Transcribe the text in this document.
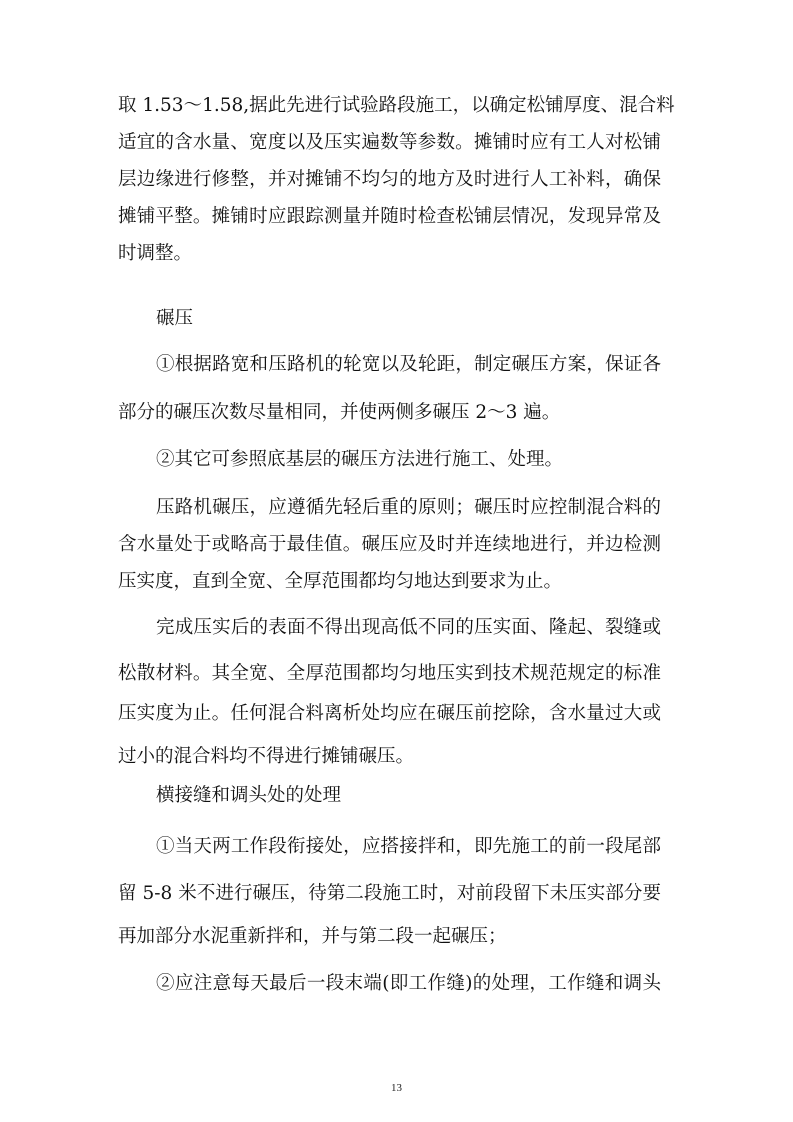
取 1.53～1.58,据此先进行试验路段施工，以确定松铺厚度、混合料
适宜的含水量、宽度以及压实遍数等参数。摊铺时应有工人对松铺
层边缘进行修整，并对摊铺不均匀的地方及时进行人工补料，确保
摊铺平整。摊铺时应跟踪测量并随时检查松铺层情况，发现异常及
时调整。
碾压
①根据路宽和压路机的轮宽以及轮距，制定碾压方案，保证各
部分的碾压次数尽量相同，并使两侧多碾压 2～3 遍。
②其它可参照底基层的碾压方法进行施工、处理。
压路机碾压，应遵循先轻后重的原则；碾压时应控制混合料的
含水量处于或略高于最佳值。碾压应及时并连续地进行，并边检测
压实度，直到全宽、全厚范围都均匀地达到要求为止。
完成压实后的表面不得出现高低不同的压实面、隆起、裂缝或
松散材料。其全宽、全厚范围都均匀地压实到技术规范规定的标准
压实度为止。任何混合料离析处均应在碾压前挖除，含水量过大或
过小的混合料均不得进行摊铺碾压。
横接缝和调头处的处理
①当天两工作段衔接处，应搭接拌和，即先施工的前一段尾部
留 5-8 米不进行碾压，待第二段施工时，对前段留下未压实部分要
再加部分水泥重新拌和，并与第二段一起碾压；
②应注意每天最后一段末端(即工作缝)的处理，工作缝和调头
13
